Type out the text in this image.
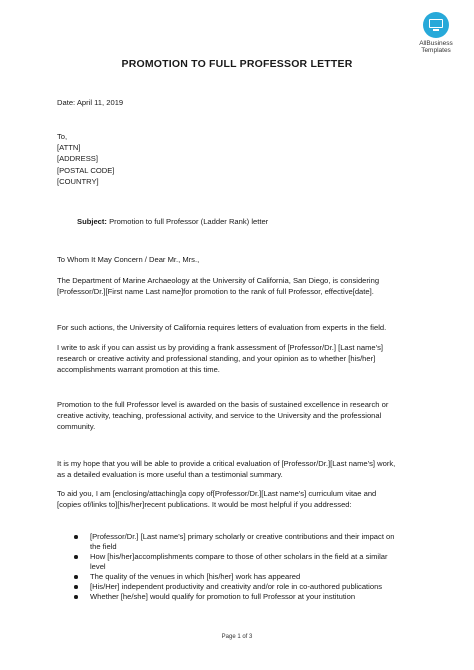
AllBusiness
Templates
PROMOTION TO FULL PROFESSOR LETTER
Date: April 11, 2019
To,
[ATTN]
[ADDRESS]
[POSTAL CODE]
[COUNTRY]
Subject: Promotion to full Professor (Ladder Rank) letter
To Whom It May Concern / Dear Mr., Mrs.,
The Department of Marine Archaeology at the University of California, San Diego, is considering
[Professor/Dr.][First name Last name]for promotion to the rank of full Professor, effective[date].
For such actions, the University of California requires letters of evaluation from experts in the field.
I write to ask if you can assist us by providing a frank assessment of [Professor/Dr.] [Last name's]
research or creative activity and professional standing, and your opinion as to whether [his/her]
accomplishments warrant promotion at this time.
Promotion to the full Professor level is awarded on the basis of sustained excellence in research or
creative activity, teaching, professional activity, and service to the University and the professional
community.
It is my hope that you will be able to provide a critical evaluation of [Professor/Dr.][Last name's] work,
as a detailed evaluation is more useful than a testimonial summary.
To aid you, I am [enclosing/attaching]a copy of[Professor/Dr.][Last name's] curriculum vitae and
[copies of/links to][his/her]recent publications. It would be most helpful if you addressed:
[Professor/Dr.] [Last name's] primary scholarly or creative contributions and their impact on
the field
How [his/her]accomplishments compare to those of other scholars in the field at a similar
level
The quality of the venues in which [his/her] work has appeared
[His/Her] independent productivity and creativity and/or role in co-authored publications
Whether [he/she] would qualify for promotion to full Professor at your institution
Page 1 of 3
